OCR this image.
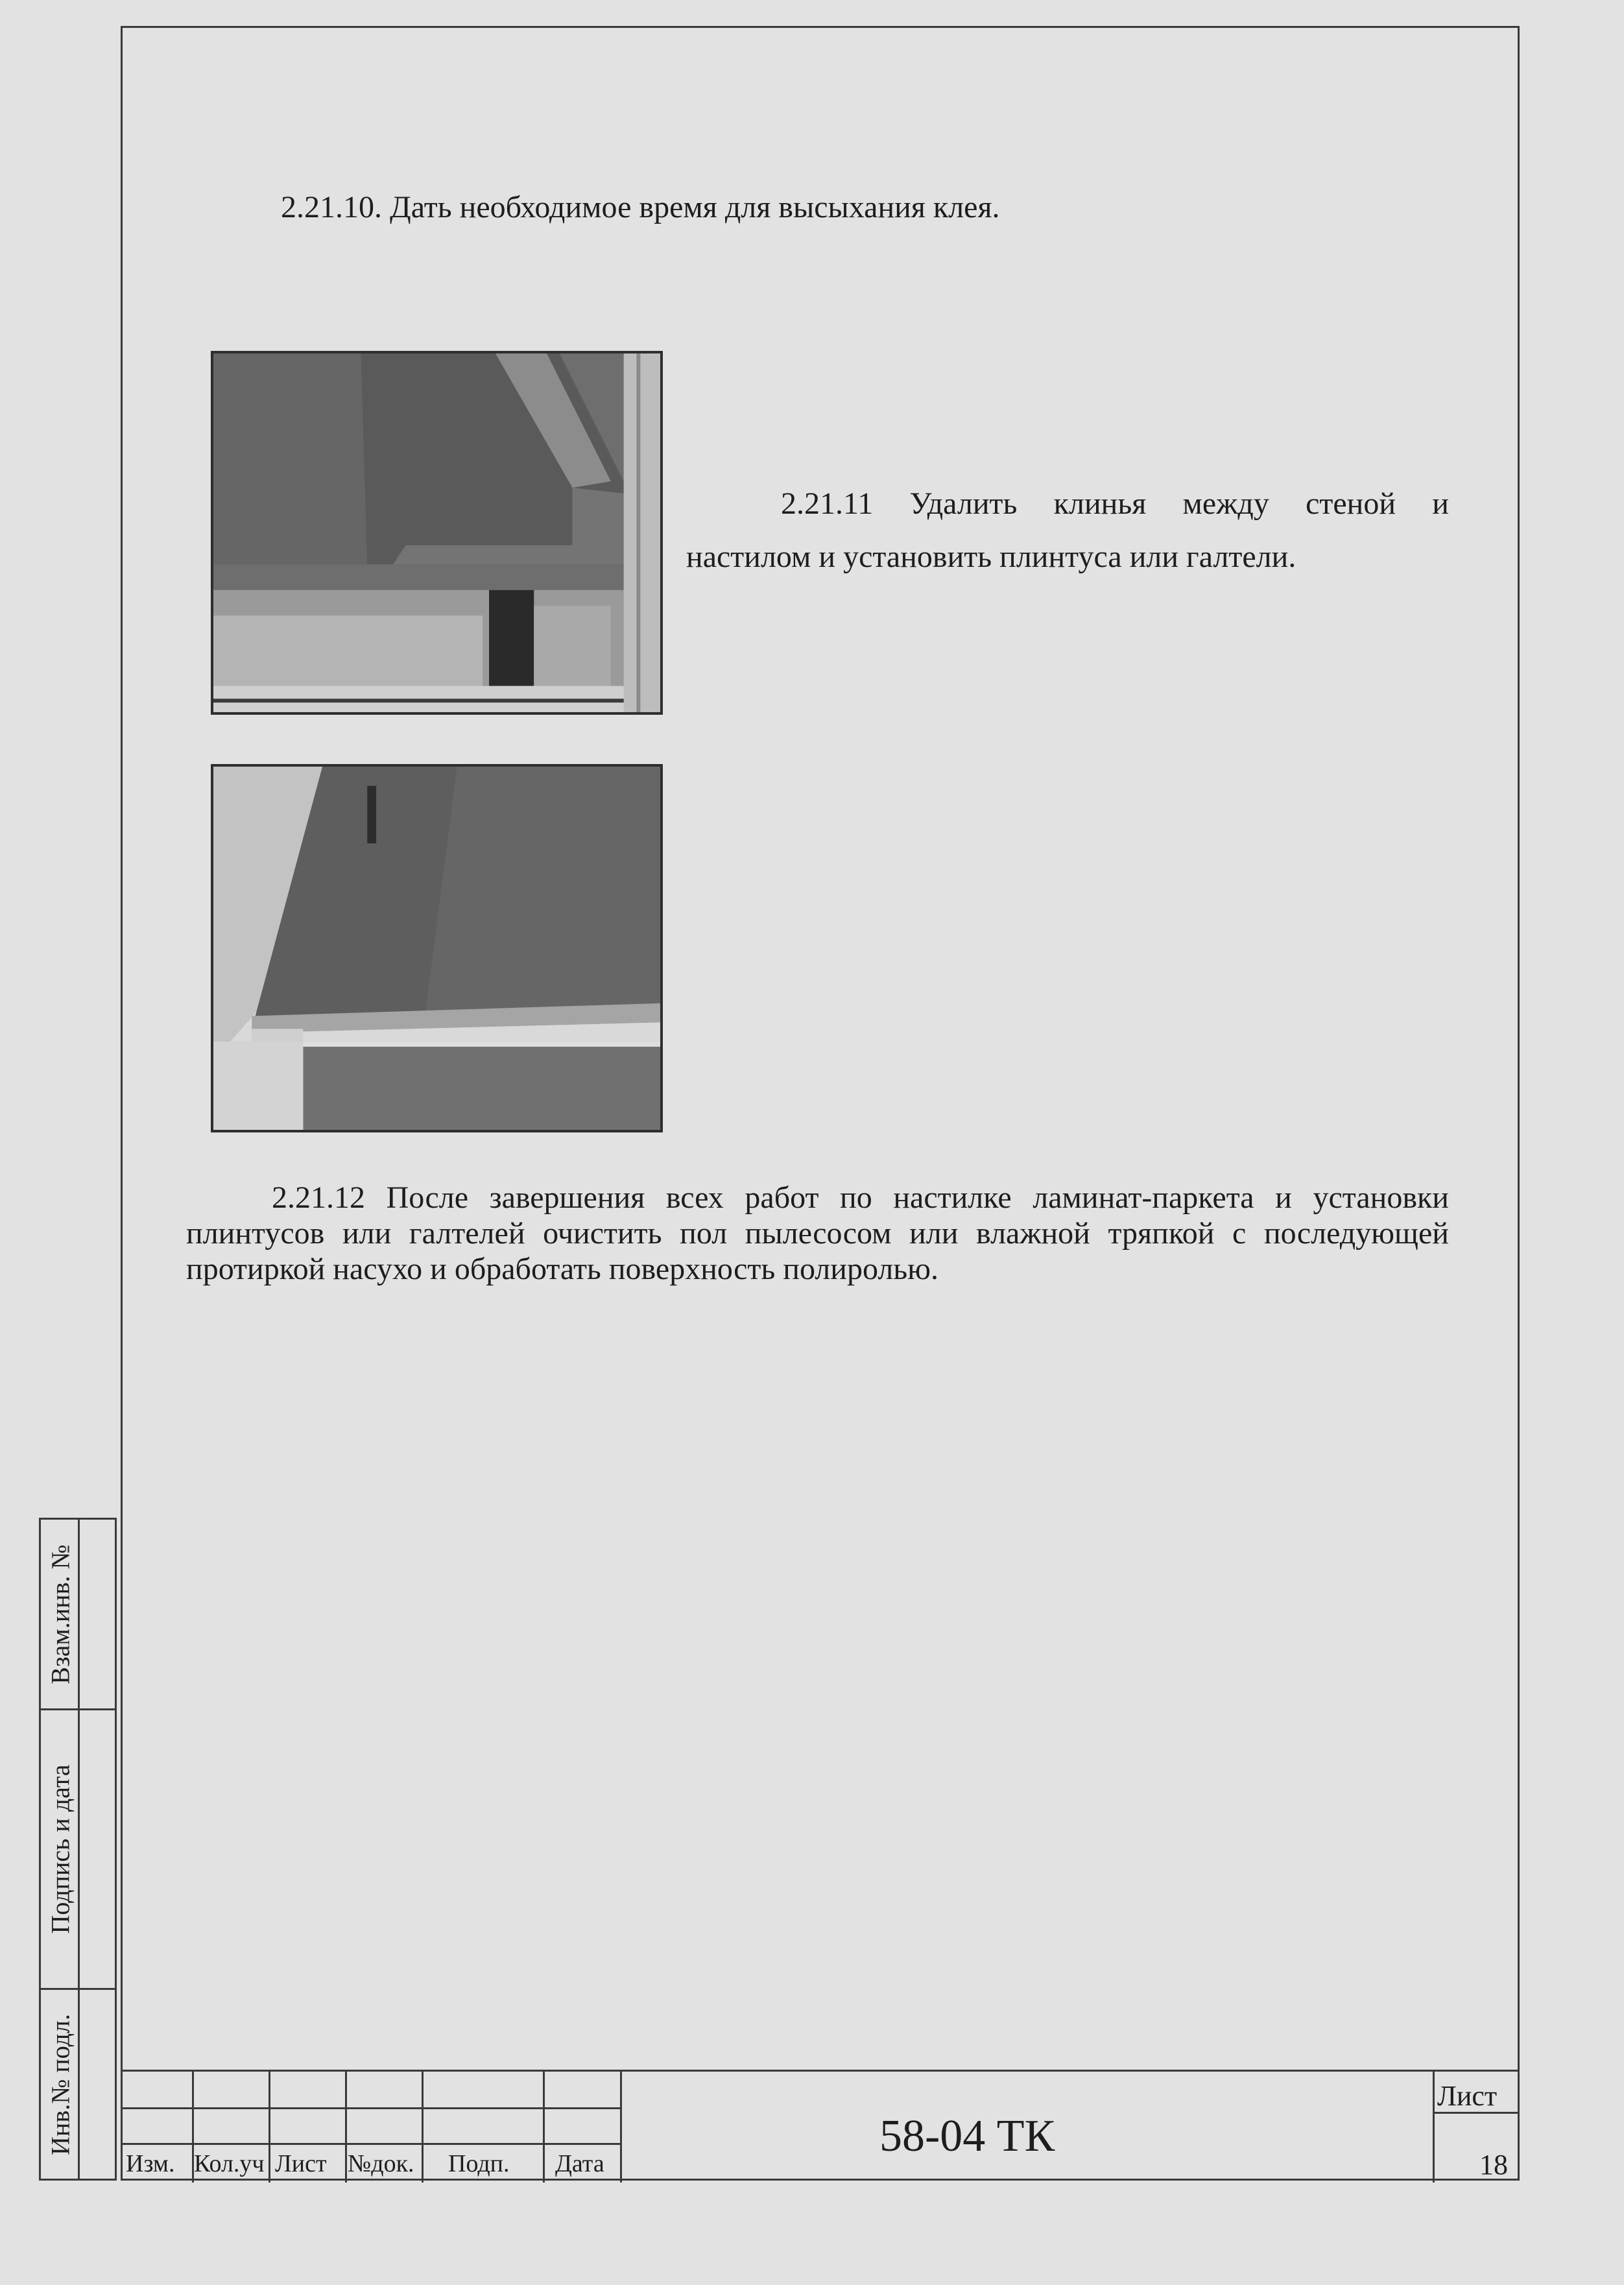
2.21.10. Дать необходимое время для высыхания клея.
2.21.11 Удалить клинья между стеной и
настилом и установить плинтуса или галтели.
2.21.12 После завершения всех работ по настилке ламинат-паркета и установки
плинтусов или галтелей очистить пол пылесосом или влажной тряпкой с последующей
протиркой насухо и обработать поверхность полиролью.
Взам.инв. №
Подпись и дата
Инв.№ подл.
Изм. Кол.уч Лист №док. Подп. Дата
58-04 ТК
Лист
18
